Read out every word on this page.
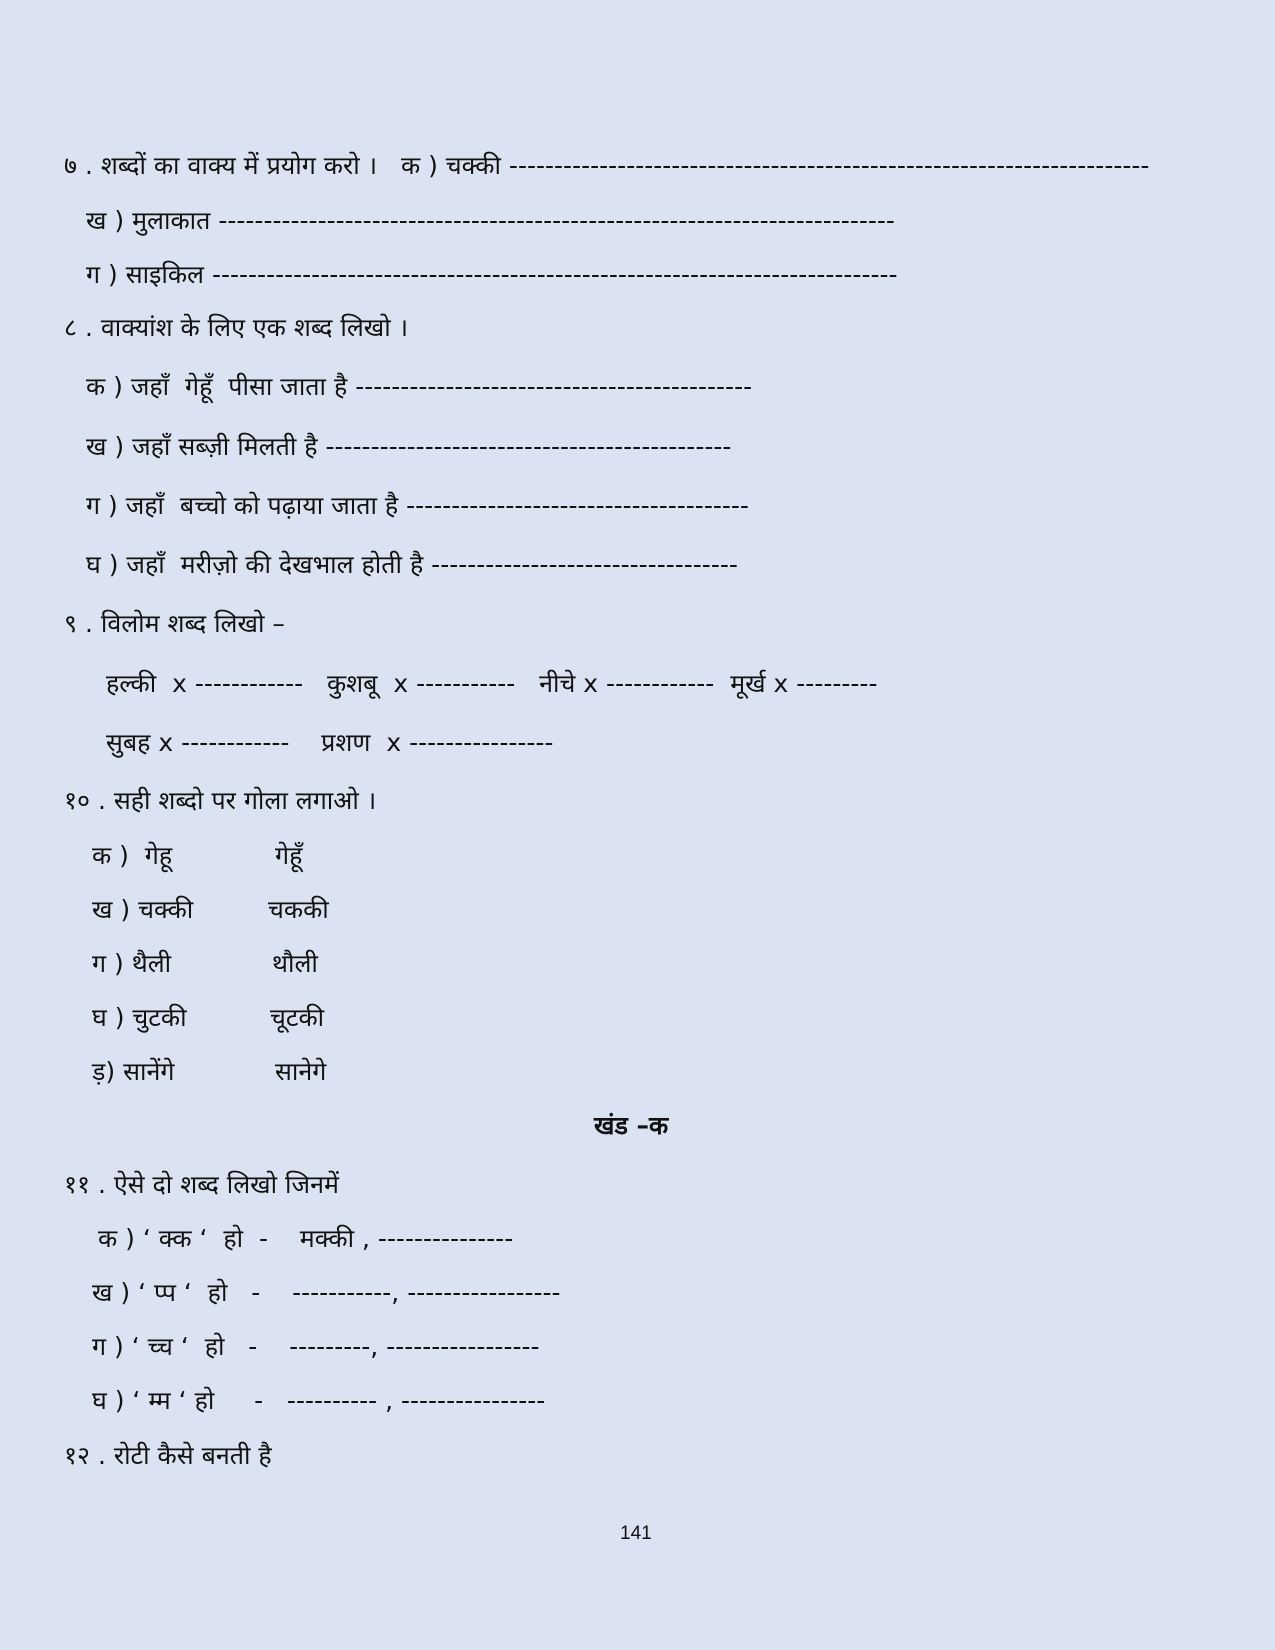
७ . शब्दों का वाक्य में प्रयोग करो ।   क ) चक्की -----------------------------------------------------------------------
ख ) मुलाकात ---------------------------------------------------------------------------
ग ) साइकिल ----------------------------------------------------------------------------
८ . वाक्यांश के लिए एक शब्द लिखो ।
क ) जहाँ  गेहूँ  पीसा जाता है --------------------------------------------
ख ) जहाँ सब्ज़ी मिलती है ---------------------------------------------
ग ) जहाँ  बच्चो को पढ़ाया जाता है --------------------------------------
घ ) जहाँ  मरीज़ो की देखभाल होती है ----------------------------------
९ . विलोम शब्द लिखो –
हल्की  x ------------   कुशबू  x -----------   नीचे x ------------  मूर्ख x ---------
सुबह x ------------    प्रशण  x ----------------
१० . सही शब्दो पर गोला लगाओ ।
क )  गेहू	गेहूँ
ख ) चक्की	चककी
ग ) थैली	थौली
घ ) चुटकी	चूटकी
ड़) सानेंगे	सानेगे
खंड –क
११ . ऐसे दो शब्द लिखो जिनमें
क ) ‘ क्क ‘  हो  -    मक्की , ---------------
ख ) ‘ प्प ‘  हो   -    -----------, -----------------
ग ) ‘ च्च ‘  हो   -    ---------, -----------------
घ ) ‘ म्म ‘ हो     -   ---------- , ----------------
१२ . रोटी कैसे बनती है
141
